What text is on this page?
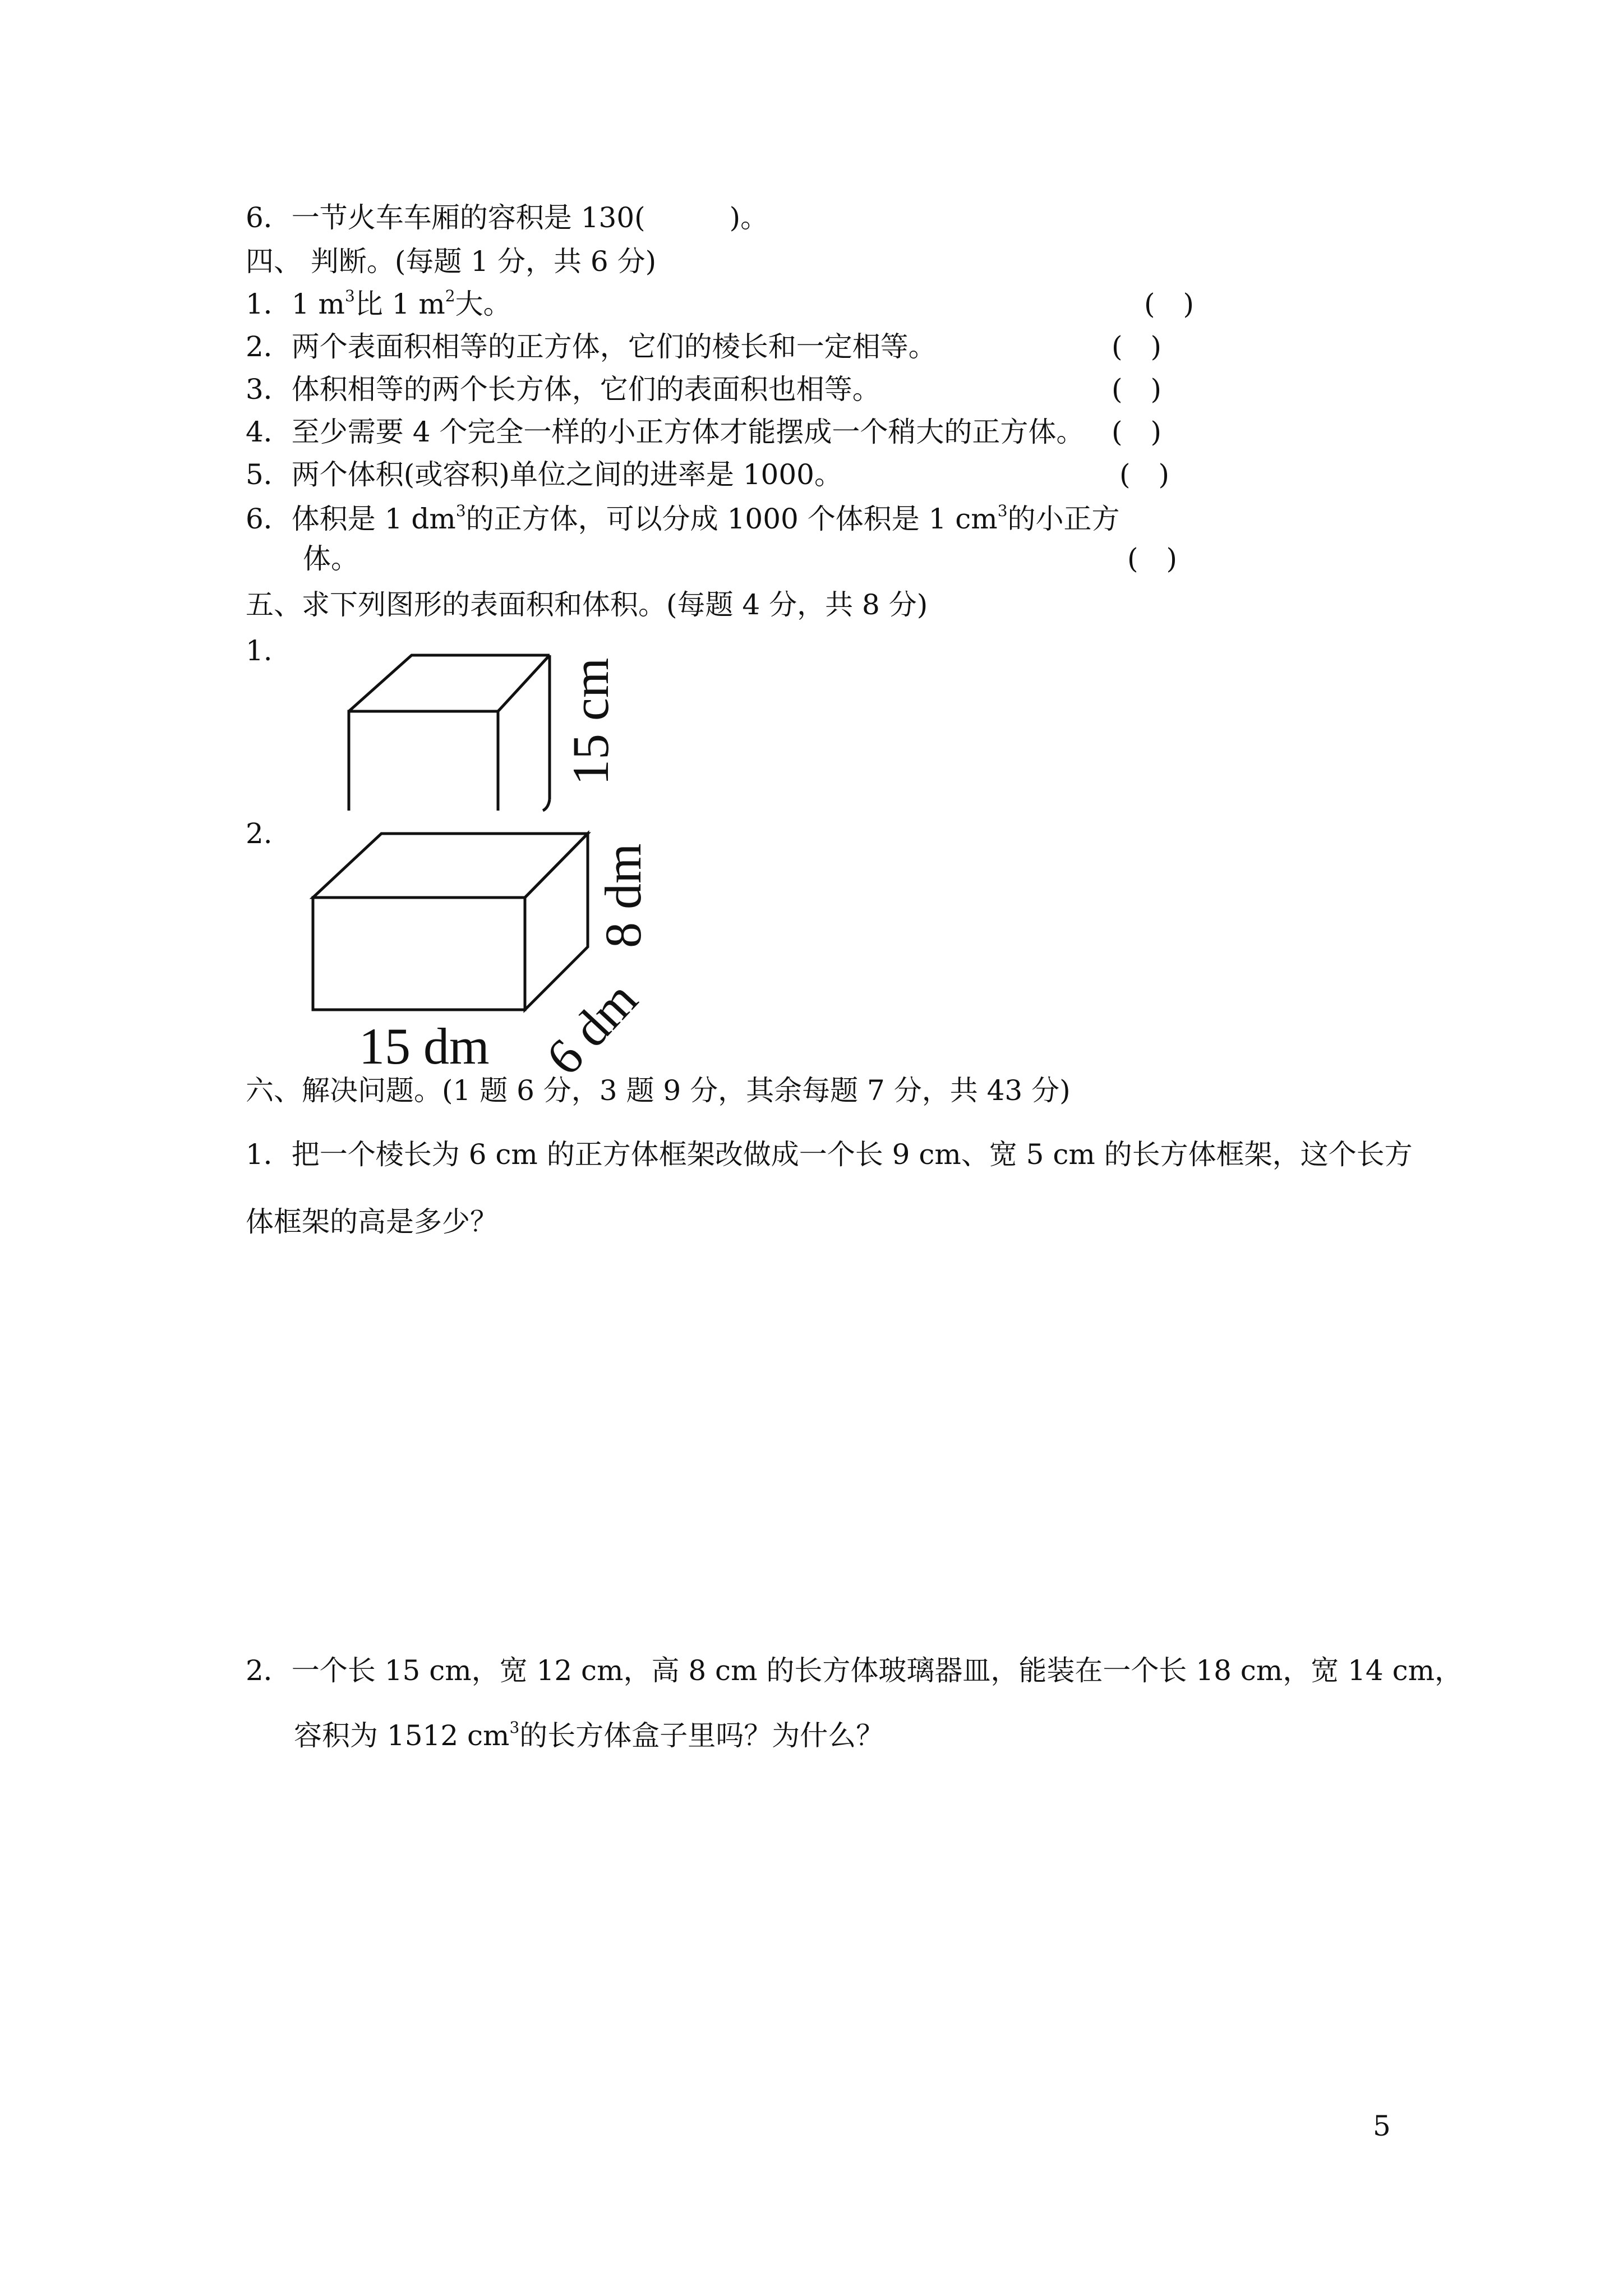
6．一节火车车厢的容积是 130(	)。
四、 判断。(每题 1 分，共 6 分)
1．1 $m^3$比 1 $m^2$大。	(　)
2．两个表面积相等的正方体，它们的棱长和一定相等。	(　)
3．体积相等的两个长方体，它们的表面积也相等。	(　)
4．至少需要 4 个完全一样的小正方体才能摆成一个稍大的正方体。 (　)
5．两个体积(或容积)单位之间的进率是 1000。	(　)
6．体积是 1 $dm^3$的正方体，可以分成 1000 个体积是 1 $cm^3$的小正方
体。	(　)
五、求下列图形的表面积和体积。(每题 4 分，共 8 分)
1.
2.
15 cm
15 dm 6 dm
8 dm
六、解决问题。(1 题 6 分，3 题 9 分，其余每题 7 分，共 43 分)
1．把一个棱长为 6 cm 的正方体框架改做成一个长 9 cm、宽 5 cm 的长方体框架，这个长方
体框架的高是多少？
2．一个长 15 cm，宽 12 cm，高 8 cm 的长方体玻璃器皿，能装在一个长 18 cm，宽 14 cm，
容积为 1512 $cm^3$的长方体盒子里吗？为什么？
5
